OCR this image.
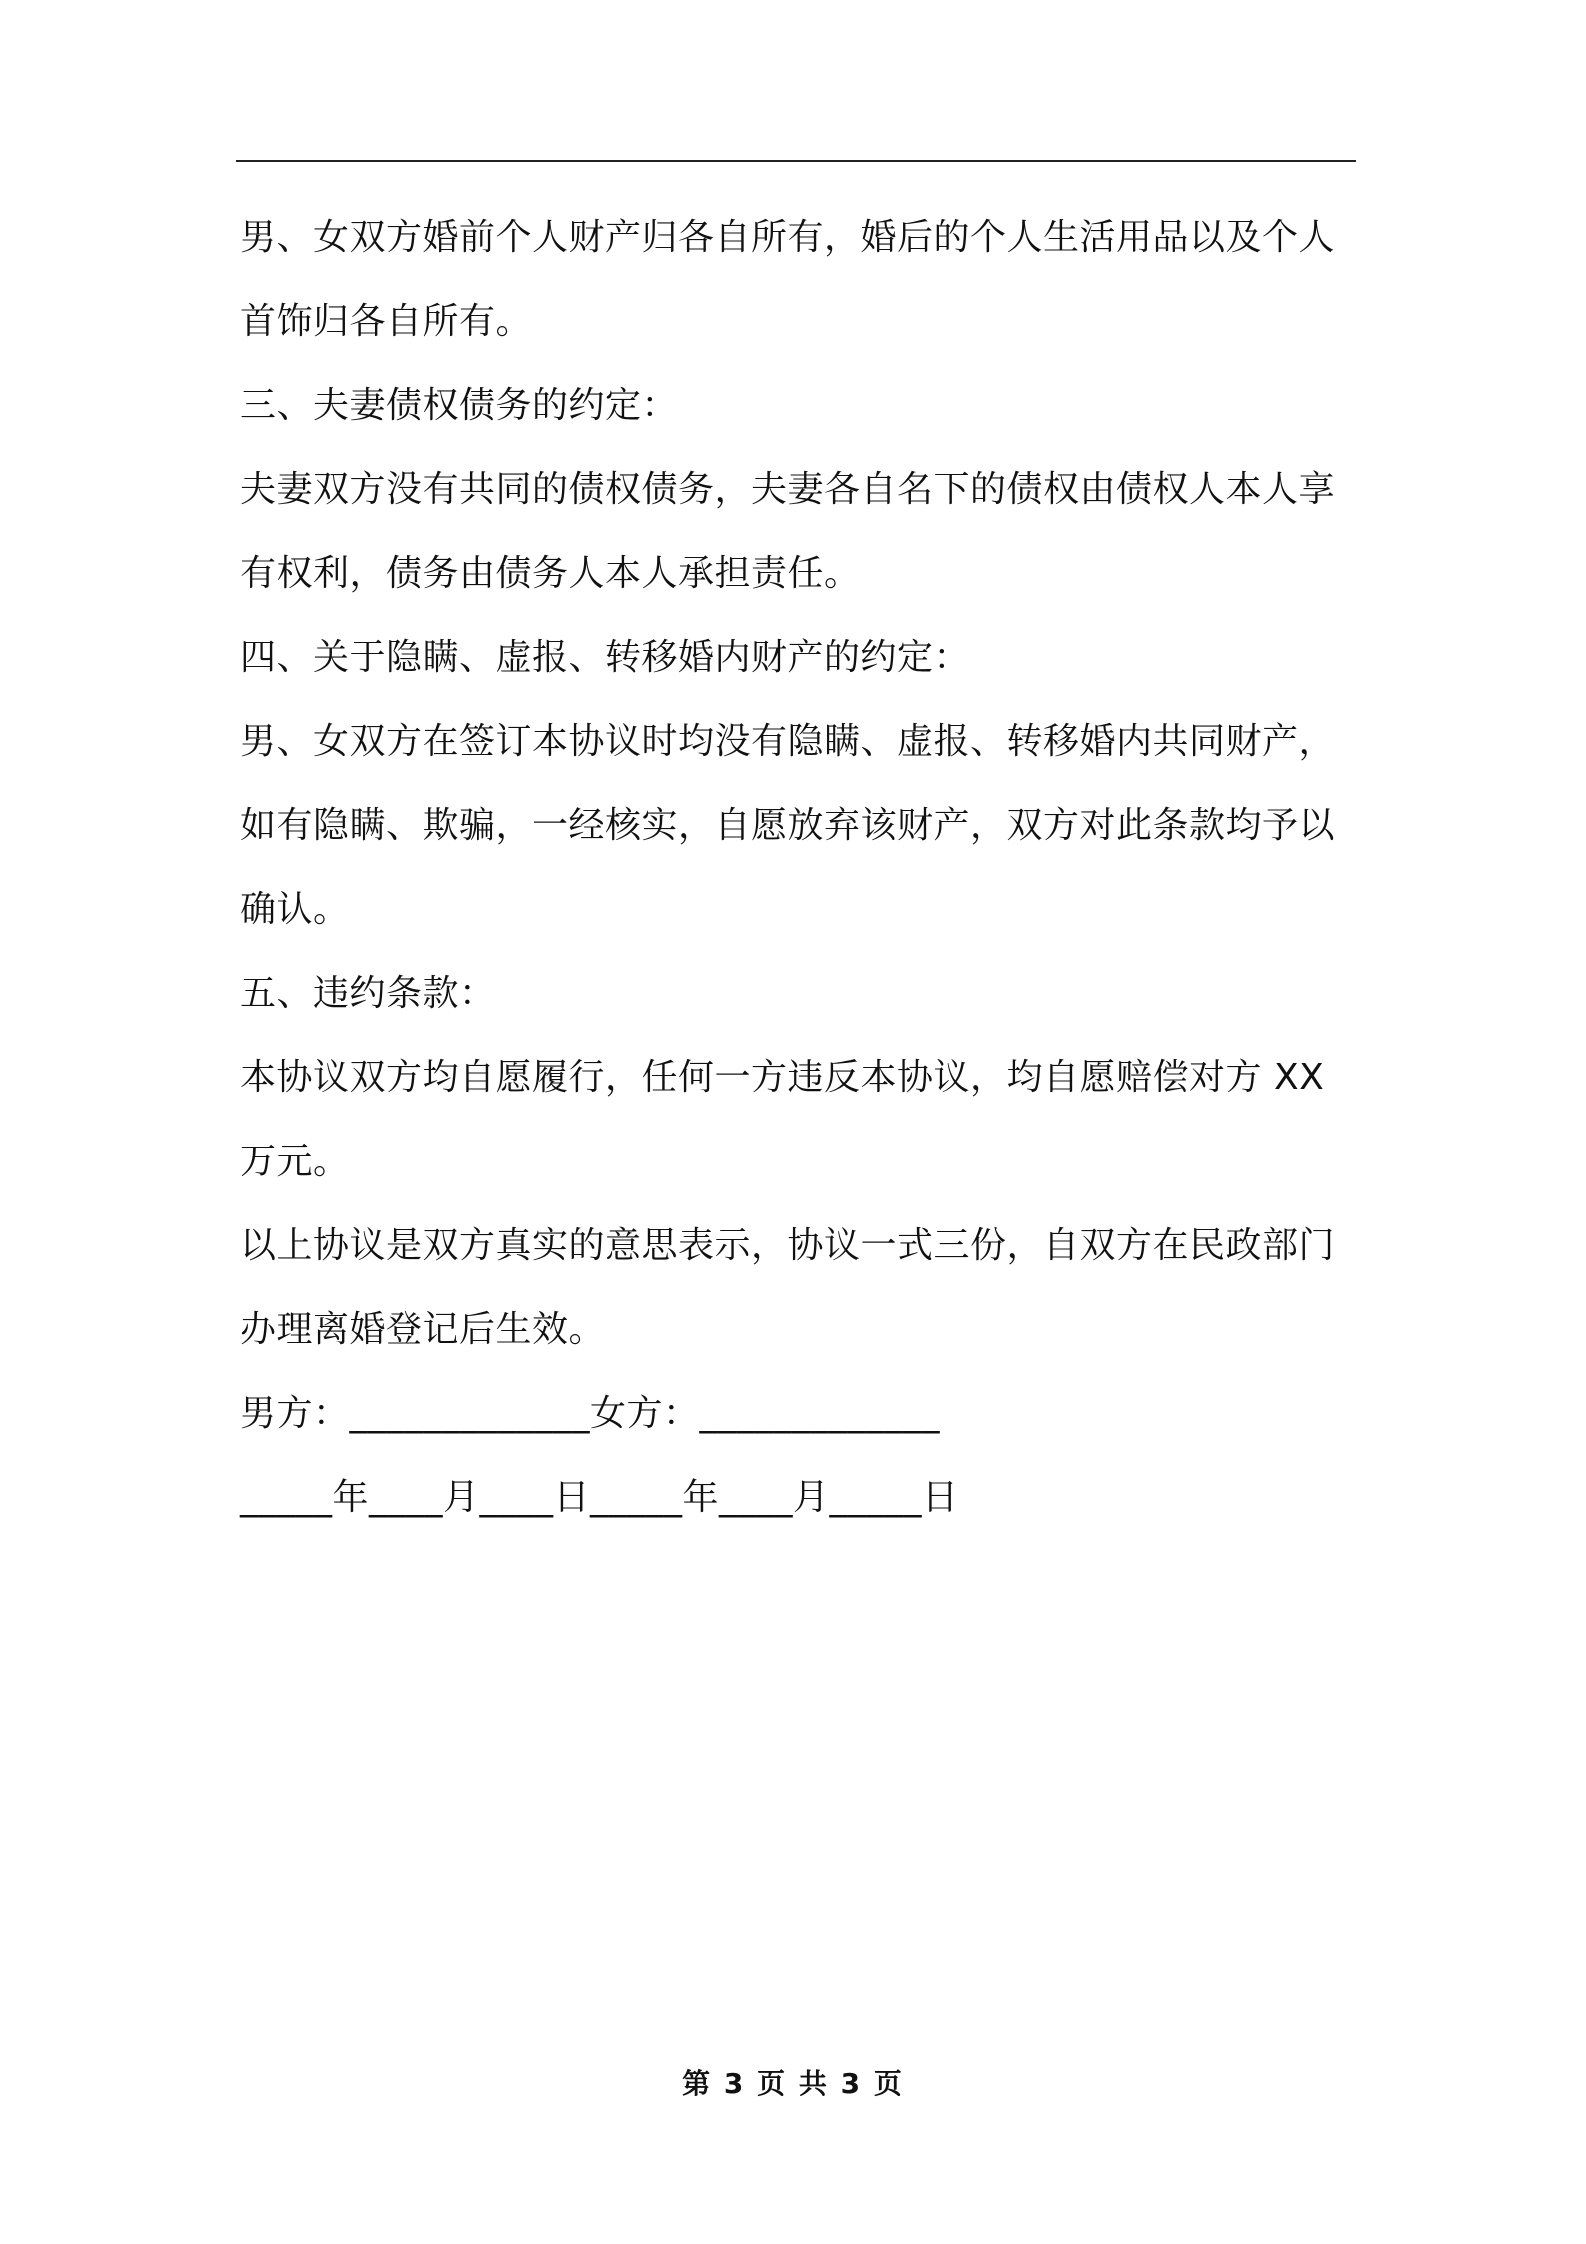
男、女双方婚前个人财产归各自所有，婚后的个人生活用品以及个人首饰归各自所有。

三、夫妻债权债务的约定：

夫妻双方没有共同的债权债务，夫妻各自名下的债权由债权人本人享有权利，债务由债务人本人承担责任。

四、关于隐瞒、虚报、转移婚内财产的约定：

男、女双方在签订本协议时均没有隐瞒、虚报、转移婚内共同财产，如有隐瞒、欺骗，一经核实，自愿放弃该财产，双方对此条款均予以确认。

五、违约条款：

本协议双方均自愿履行，任何一方违反本协议，均自愿赔偿对方 XX 万元。

以上协议是双方真实的意思表示，协议一式三份，自双方在民政部门办理离婚登记后生效。

男方：_____________女方：_____________

_____年____月____日_____年____月_____日

第 3 页 共 3 页
